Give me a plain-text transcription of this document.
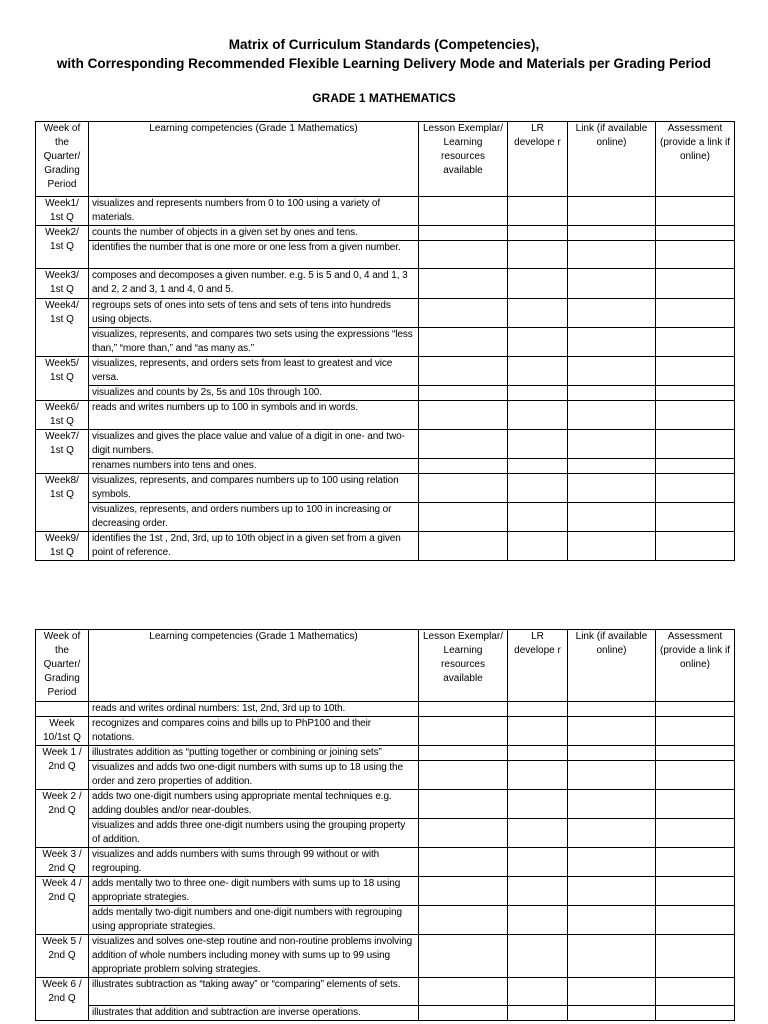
Matrix of Curriculum Standards (Competencies),
with Corresponding Recommended Flexible Learning Delivery Mode and Materials per Grading Period
GRADE 1 MATHEMATICS
Week of the Quarter/ Grading Period	Learning competencies (Grade 1 Mathematics)	Lesson Exemplar/ Learning resources available	LR develope r	Link (if available online)	Assessment (provide a link if online)
Week1/ 1st Q	visualizes and represents numbers from 0 to 100 using a variety of materials.				
Week2/ 1st Q	counts the number of objects in a given set by ones and tens.				
	identifies the number that is one more or one less from a given number.				
Week3/ 1st Q	composes and decomposes a given number. e.g. 5 is 5 and 0, 4 and 1, 3 and 2, 2 and 3, 1 and 4, 0 and 5.				
Week4/ 1st Q	regroups sets of ones into sets of tens and sets of tens into hundreds using objects.				
	visualizes, represents, and compares two sets using the expressions “less than,” “more than,” and “as many as.”				
Week5/ 1st Q	visualizes, represents, and orders sets from least to greatest and vice versa.				
	visualizes and counts by 2s, 5s and 10s through 100.				
Week6/ 1st Q	reads and writes numbers up to 100 in symbols and in words.				
Week7/ 1st Q	visualizes and gives the place value and value of a digit in one- and two-digit numbers.				
	renames numbers into tens and ones.				
Week8/ 1st Q	visualizes, represents, and compares numbers up to 100 using relation symbols.				
	visualizes, represents, and orders numbers up to 100 in increasing or decreasing order.				
Week9/ 1st Q	identifies the 1st , 2nd, 3rd, up to 10th object in a given set from a given point of reference.				
Week of the Quarter/ Grading Period	Learning competencies (Grade 1 Mathematics)	Lesson Exemplar/ Learning resources available	LR develope r	Link (if available online)	Assessment (provide a link if online)
	reads and writes ordinal numbers: 1st, 2nd, 3rd up to 10th.				
Week 10/1st Q	recognizes and compares coins and bills up to PhP100 and their notations.				
Week 1 / 2nd Q	illustrates addition as “putting together or combining or joining sets”				
	visualizes and adds two one-digit numbers with sums up to 18 using the order and zero properties of addition.				
Week 2 / 2nd Q	adds two one-digit numbers using appropriate mental techniques e.g. adding doubles and/or near-doubles.				
	visualizes and adds three one-digit numbers using the grouping property of addition.				
Week 3 / 2nd Q	visualizes and adds numbers with sums through 99 without or with regrouping.				
Week 4 / 2nd Q	adds mentally two to three one- digit numbers with sums up to 18 using appropriate strategies.				
	adds mentally two-digit numbers and one-digit numbers with regrouping using appropriate strategies.				
Week 5 / 2nd Q	visualizes and solves one-step routine and non-routine problems involving addition of whole numbers including money with sums up to 99 using appropriate problem solving strategies.				
Week 6 / 2nd Q	illustrates subtraction as “taking away” or “comparing” elements of sets.				
	illustrates that addition and subtraction are inverse operations.				
